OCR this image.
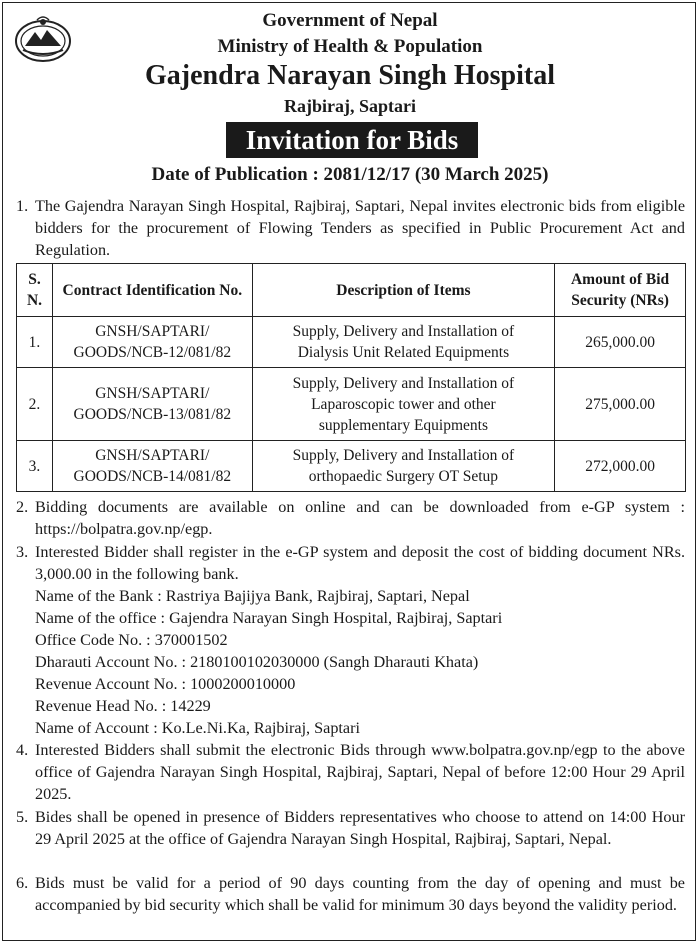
Government of Nepal
Ministry of Health & Population
Gajendra Narayan Singh Hospital
Rajbiraj, Saptari
Invitation for Bids
Date of Publication : 2081/12/17 (30 March 2025)
1. The Gajendra Narayan Singh Hospital, Rajbiraj, Saptari, Nepal invites electronic bids from eligible bidders for the procurement of Flowing Tenders as specified in Public Procurement Act and Regulation.

S. N.	Contract Identification No.	Description of Items	Amount of Bid Security (NRs)
1.	GNSH/SAPTARI/
GOODS/NCB-12/081/82	Supply, Delivery and Installation of Dialysis Unit Related Equipments	265,000.00
2.	GNSH/SAPTARI/
GOODS/NCB-13/081/82	Supply, Delivery and Installation of Laparoscopic tower and other supplementary Equipments	275,000.00
3.	GNSH/SAPTARI/
GOODS/NCB-14/081/82	Supply, Delivery and Installation of orthopaedic Surgery OT Setup	272,000.00
2. Bidding documents are available on online and can be downloaded from e-GP system : https://bolpatra.gov.np/egp.

3. Interested Bidder shall register in the e-GP system and deposit the cost of bidding document NRs. 3,000.00 in the following bank.

Name of the Bank : Rastriya Bajijya Bank, Rajbiraj, Saptari, Nepal
Name of the office : Gajendra Narayan Singh Hospital, Rajbiraj, Saptari
Office Code No. : 370001502
Dharauti Account No. : 2180100102030000 (Sangh Dharauti Khata)
Revenue Account No. : 1000200010000
Revenue Head No. : 14229
Name of Account : Ko.Le.Ni.Ka, Rajbiraj, Saptari
4. Interested Bidders shall submit the electronic Bids through www.bolpatra.gov.np/egp to the above office of Gajendra Narayan Singh Hospital, Rajbiraj, Saptari, Nepal of before 12:00 Hour 29 April 2025.

5. Bides shall be opened in presence of Bidders representatives who choose to attend on 14:00 Hour 29 April 2025 at the office of Gajendra Narayan Singh Hospital, Rajbiraj, Saptari, Nepal.

6. Bids must be valid for a period of 90 days counting from the day of opening and must be accompanied by bid security which shall be valid for minimum 30 days beyond the validity period.
